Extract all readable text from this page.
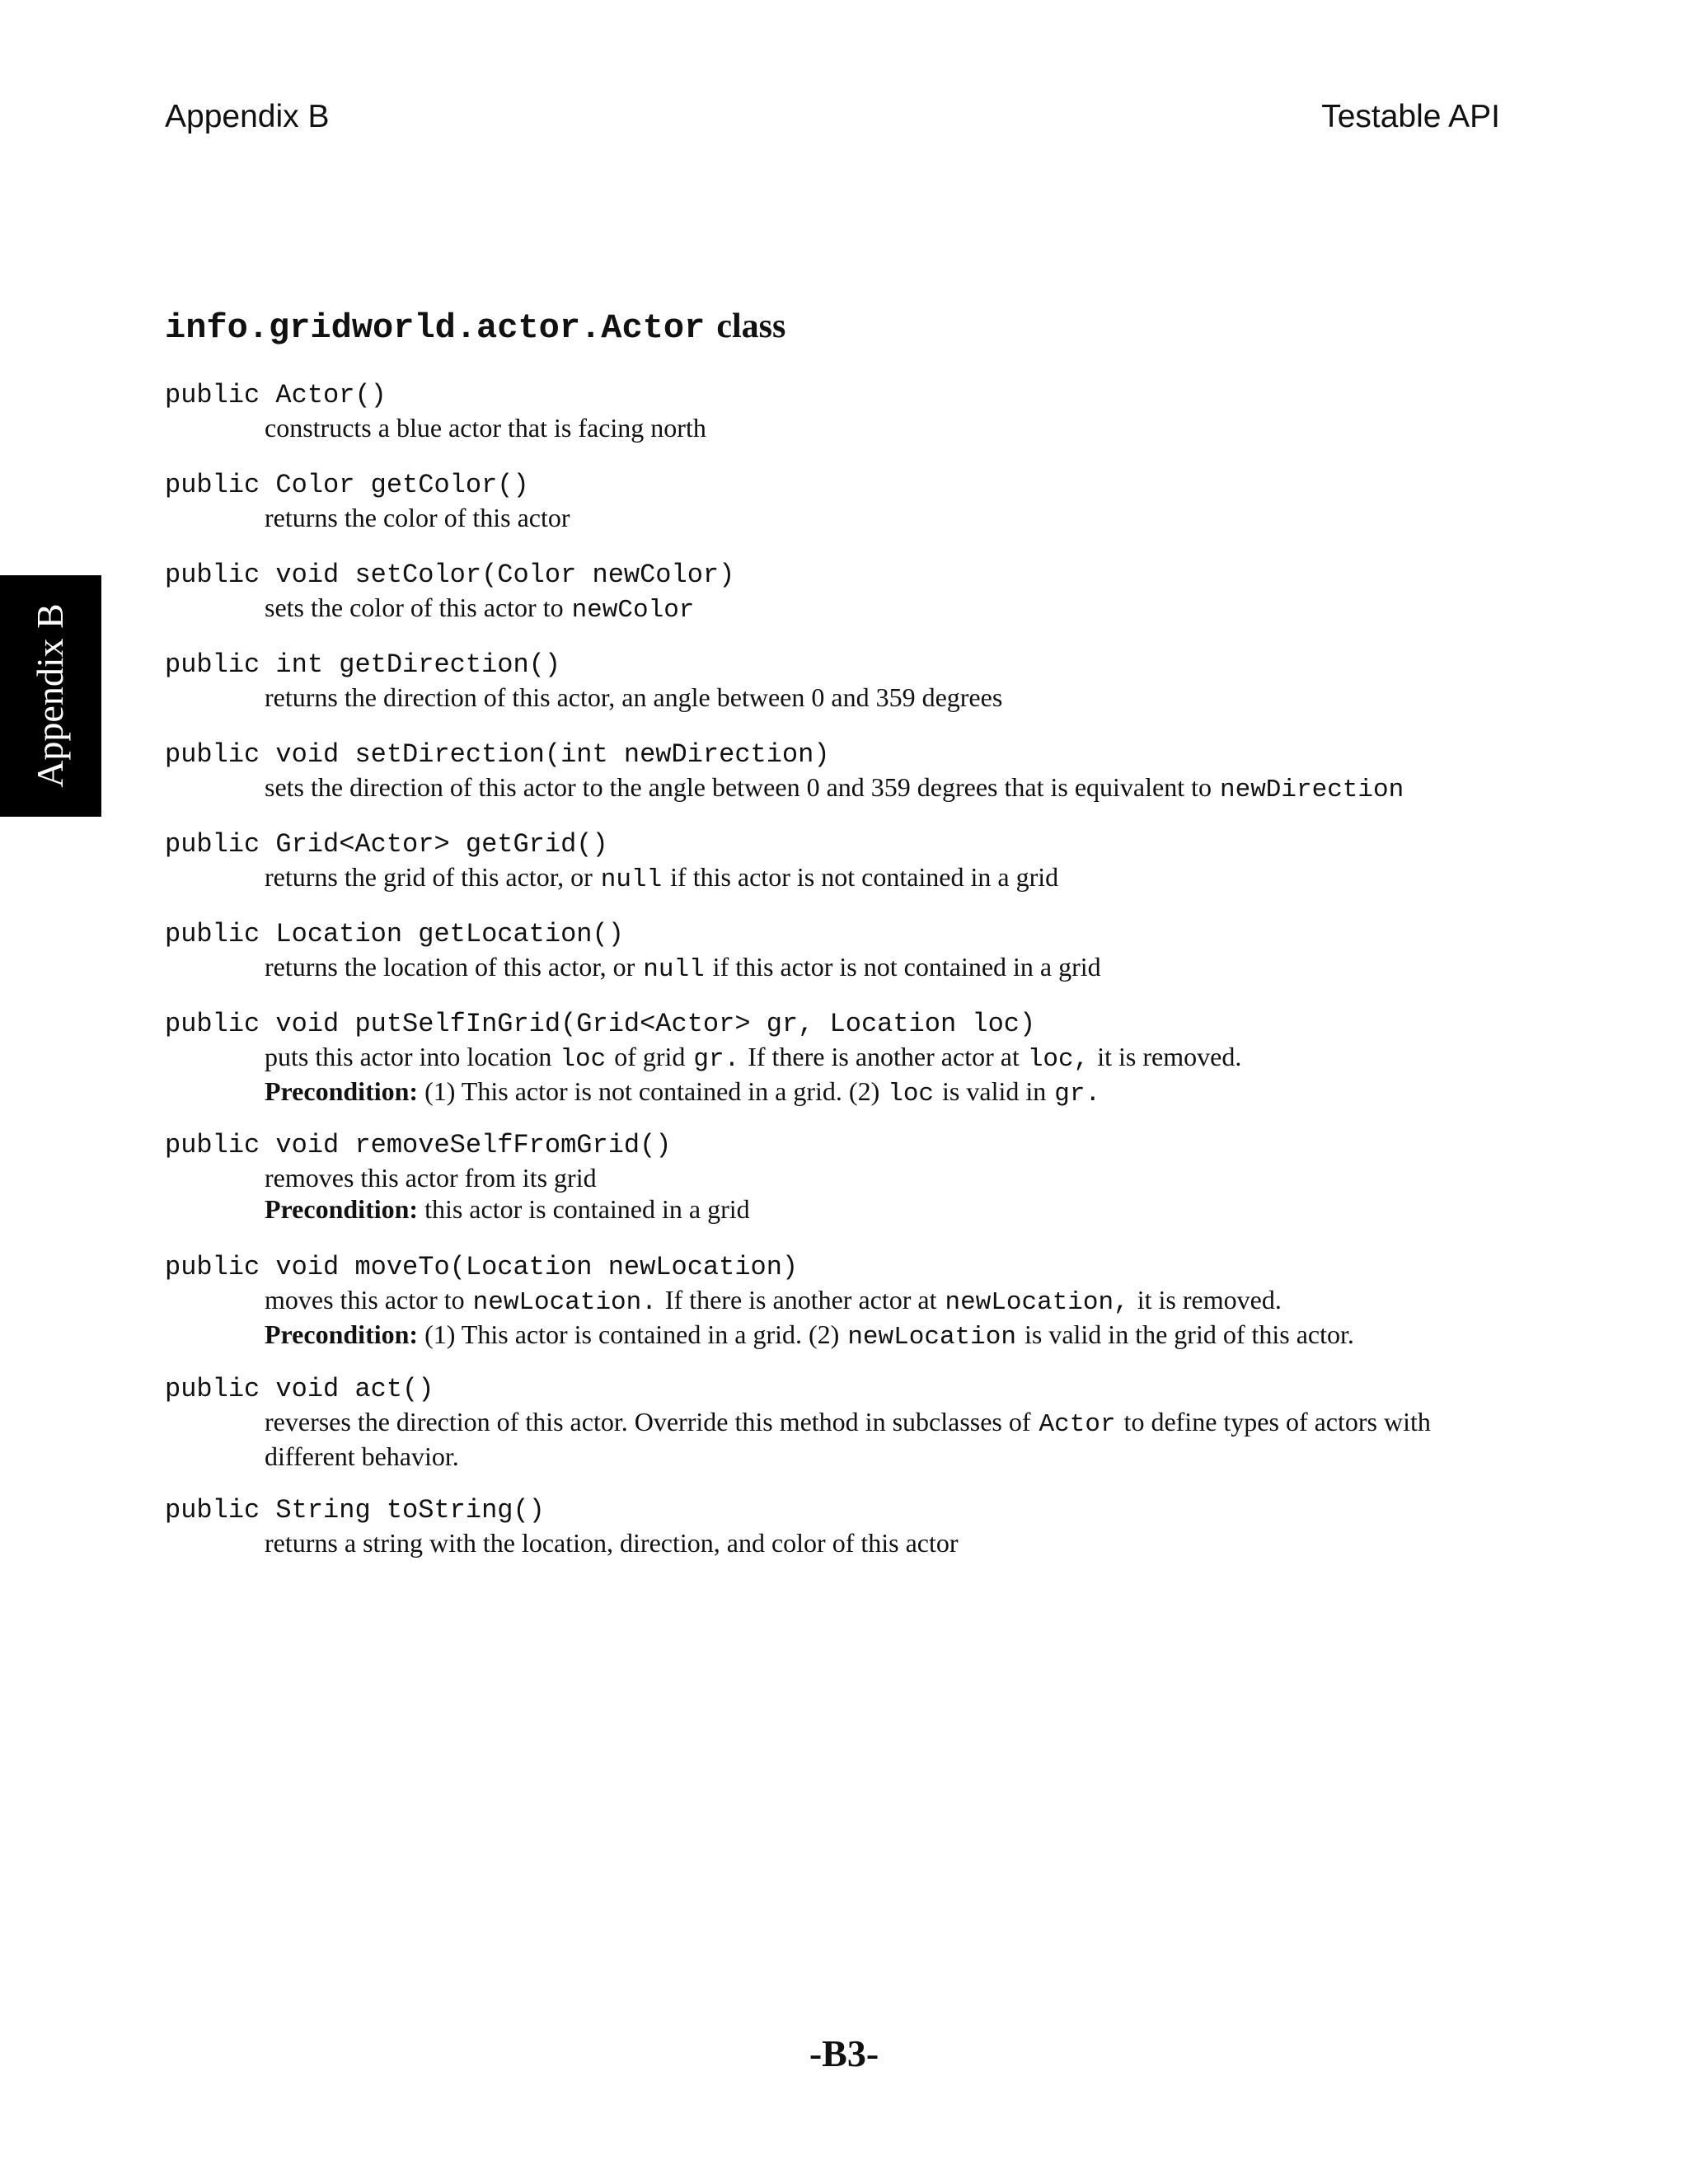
Appendix B	Testable API
Appendix B
info.gridworld.actor.Actor class
public Actor()
constructs a blue actor that is facing north
public Color getColor()
returns the color of this actor
public void setColor(Color newColor)
sets the color of this actor to newColor
public int getDirection()
returns the direction of this actor, an angle between 0 and 359 degrees
public void setDirection(int newDirection)
sets the direction of this actor to the angle between 0 and 359 degrees that is equivalent to newDirection
public Grid<Actor> getGrid()
returns the grid of this actor, or null if this actor is not contained in a grid
public Location getLocation()
returns the location of this actor, or null if this actor is not contained in a grid
public void putSelfInGrid(Grid<Actor> gr, Location loc)
puts this actor into location loc of grid gr. If there is another actor at loc, it is removed.
Precondition: (1) This actor is not contained in a grid. (2) loc is valid in gr.
public void removeSelfFromGrid()
removes this actor from its grid
Precondition: this actor is contained in a grid
public void moveTo(Location newLocation)
moves this actor to newLocation. If there is another actor at newLocation, it is removed.
Precondition: (1) This actor is contained in a grid. (2) newLocation is valid in the grid of this actor.
public void act()
reverses the direction of this actor. Override this method in subclasses of Actor to define types of actors with different behavior.
public String toString()
returns a string with the location, direction, and color of this actor
-B3-
